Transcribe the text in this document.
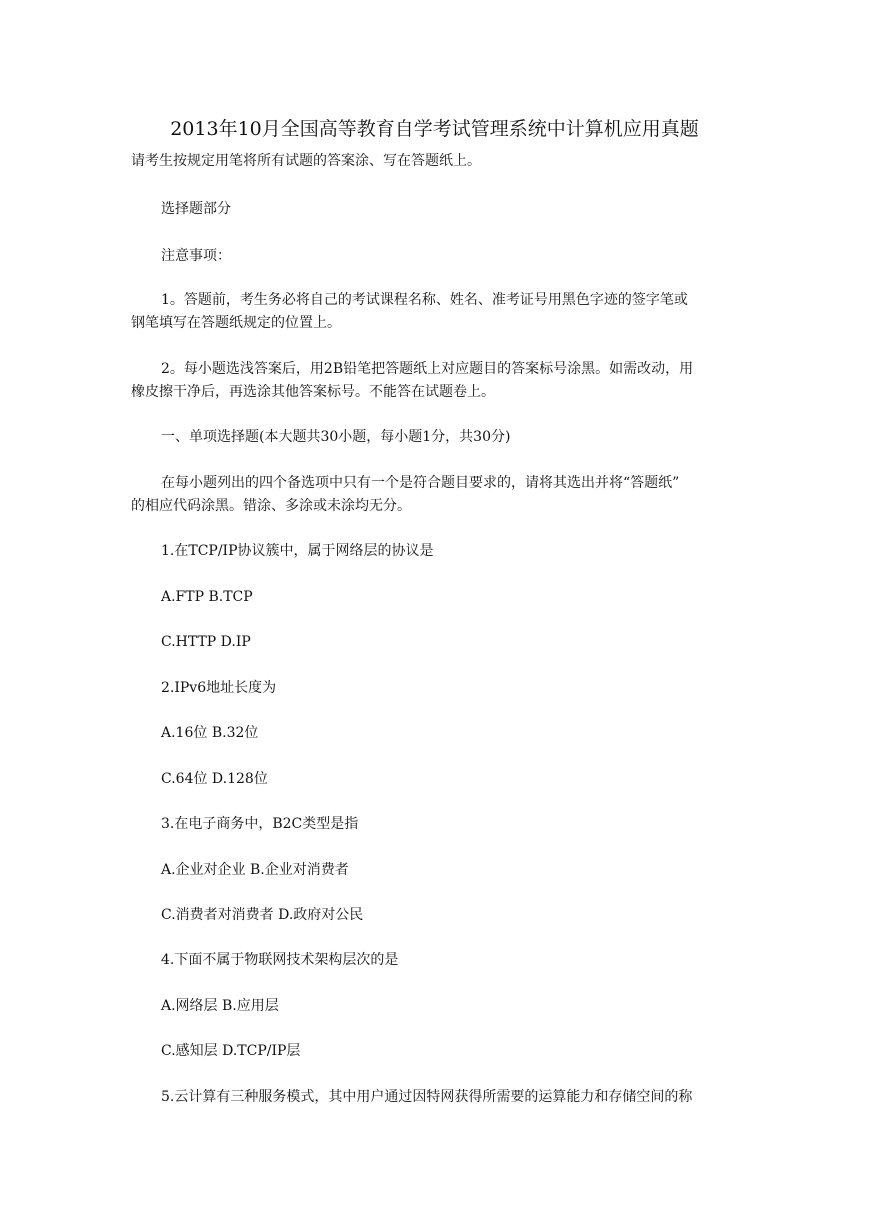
2013年10月全国高等教育自学考试管理系统中计算机应用真题
请考生按规定用笔将所有试题的答案涂、写在答题纸上。
选择题部分
注意事项：
1。答题前，考生务必将自己的考试课程名称、姓名、准考证号用黑色字迹的签字笔或
钢笔填写在答题纸规定的位置上。
2。每小题选浅答案后，用2B铅笔把答题纸上对应题目的答案标号涂黑。如需改动，用
橡皮擦干净后，再选涂其他答案标号。不能答在试题卷上。
一、单项选择题(本大题共30小题，每小题1分，共30分)
在每小题列出的四个备选项中只有一个是符合题目要求的，请将其选出并将“答题纸”
的相应代码涂黑。错涂、多涂或未涂均无分。
1.在TCP/IP协议簇中，属于网络层的协议是
A.FTP B.TCP
C.HTTP D.IP
2.IPv6地址长度为
A.16位 B.32位
C.64位 D.128位
3.在电子商务中，B2C类型是指
A.企业对企业 B.企业对消费者
C.消费者对消费者 D.政府对公民
4.下面不属于物联网技术架构层次的是
A.网络层 B.应用层
C.感知层 D.TCP/IP层
5.云计算有三种服务模式，其中用户通过因特网获得所需要的运算能力和存储空间的称
